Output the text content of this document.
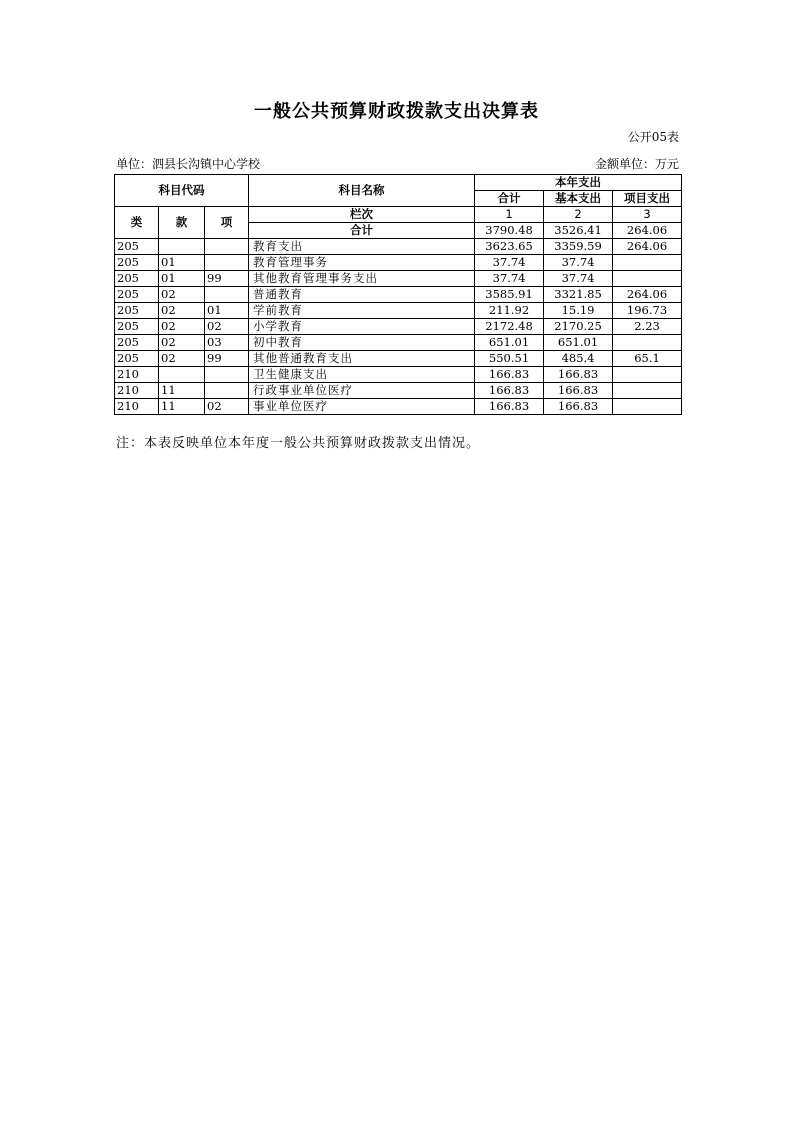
一般公共预算财政拨款支出决算表
公开05表
单位：泗县长沟镇中心学校	金额单位：万元
科目代码			科目名称	本年支出		
				合计	基本支出	项目支出
类	款	项	栏次	1	2	3
			合计	3790.48	3526.41	264.06
205			教育支出	3623.65	3359.59	264.06
205	01		教育管理事务	37.74	37.74	
205	01	99	其他教育管理事务支出	37.74	37.74	
205	02		普通教育	3585.91	3321.85	264.06
205	02	01	学前教育	211.92	15.19	196.73
205	02	02	小学教育	2172.48	2170.25	2.23
205	02	03	初中教育	651.01	651.01	
205	02	99	其他普通教育支出	550.51	485.4	65.1
210			卫生健康支出	166.83	166.83	
210	11		行政事业单位医疗	166.83	166.83	
210	11	02	事业单位医疗	166.83	166.83	
注：本表反映单位本年度一般公共预算财政拨款支出情况。
